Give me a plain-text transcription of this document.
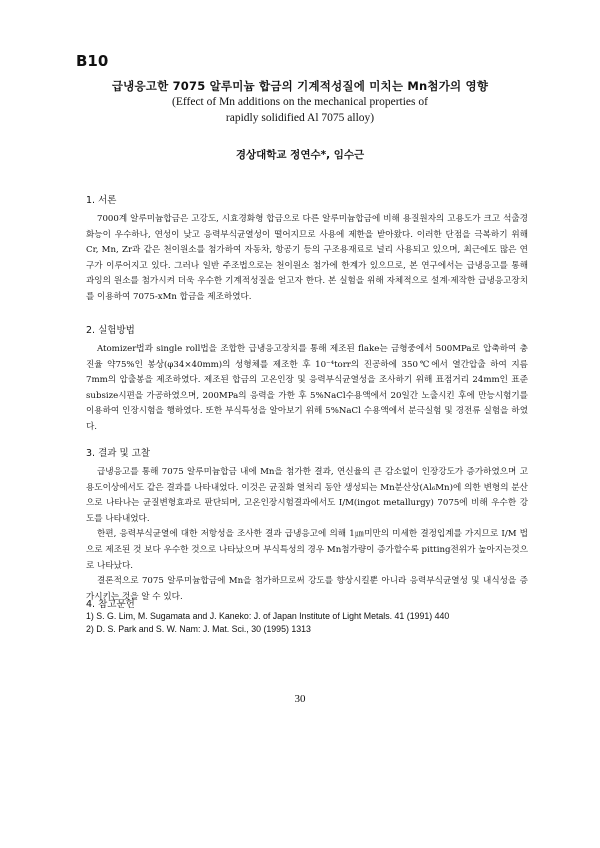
B10
급냉응고한 7075 알루미늄 합금의 기계적성질에 미치는 Mn첨가의 영향
(Effect of Mn additions on the mechanical properties of
rapidly solidified Al 7075 alloy)
경상대학교 정연수*, 임수근
1. 서론

7000계 알루미늄합금은 고강도, 시효경화형 합금으로 다른 알루미늄합금에 비해 용질원자의 고용도가 크고 석출경화능이 우수하나, 연성이 낮고 응력부식균열성이 떨어지므로 사용에 제한을 받아왔다. 이러한 단점을 극복하기 위해 Cr, Mn, Zr과 같은 천이원소를 첨가하여 자동차, 항공기 등의 구조용재료로 널리 사용되고 있으며, 최근에도 많은 연구가 이루어지고 있다. 그러나 일반 주조법으로는 천이원소 첨가에 한계가 있으므로, 본 연구에서는 급냉응고를 통해 과잉의 원소를 첨가시켜 더욱 우수한 기계적성질을 얻고자 한다. 본 실험을 위해 자체적으로 설계·제작한 급냉응고장치를 이용하여 7075-xMn 합금을 제조하였다.

2. 실험방법

Atomizer법과 single roll법을 조합한 급냉응고장치를 통해 제조된 flake는 금형중에서 500MPa로 압축하여 충진율 약75%인 봉상(φ34×40mm)의 성형체를 제조한 후 10⁻⁴torr의 진공하에 350℃에서 열간압출 하여 지름 7mm의 압출봉을 제조하였다. 제조된 합금의 고온인장 및 응력부식균열성을 조사하기 위해 표점거리 24mm인 표준 subsize시편을 가공하였으며, 200MPa의 응력을 가한 후 5%NaCl수용액에서 20일간 노출시킨 후에 만능시험기를 이용하여 인장시험을 행하였다. 또한 부식특성을 알아보기 위해 5%NaCl 수용액에서 분극실험 및 경전류 실험을 하였다.

3. 결과 및 고찰

급냉응고를 통해 7075 알루미늄합금 내에 Mn을 첨가한 결과, 연신율의 큰 감소없이 인장강도가 증가하였으며 고용도이상에서도 같은 결과를 나타내었다. 이것은 균질화 열처리 동안 생성되는 Mn분산상(Al₆Mn)에 의한 변형의 분산으로 나타나는 균질변형효과로 판단되며, 고온인장시험결과에서도 I/M(ingot metallurgy) 7075에 비해 우수한 강도를 나타내었다.

한편, 응력부식균열에 대한 저항성을 조사한 결과 급냉응고에 의해 1㎛미만의 미세한 결정입계를 가지므로 I/M 법으로 제조된 것 보다 우수한 것으로 나타났으며 부식특성의 경우 Mn첨가량이 증가할수록 pitting전위가 높아지는것으로 나타났다.

결론적으로 7075 알루미늄합금에 Mn을 첨가하므로써 강도를 향상시킬뿐 아니라 응력부식균열성 및 내식성을 증가시키는 것을 알 수 있다.

4. 참고문헌
1) S. G. Lim, M. Sugamata and J. Kaneko: J. of Japan Institute of Light Metals. 41 (1991) 440
2) D. S. Park and S. W. Nam: J. Mat. Sci., 30 (1995) 1313
30
